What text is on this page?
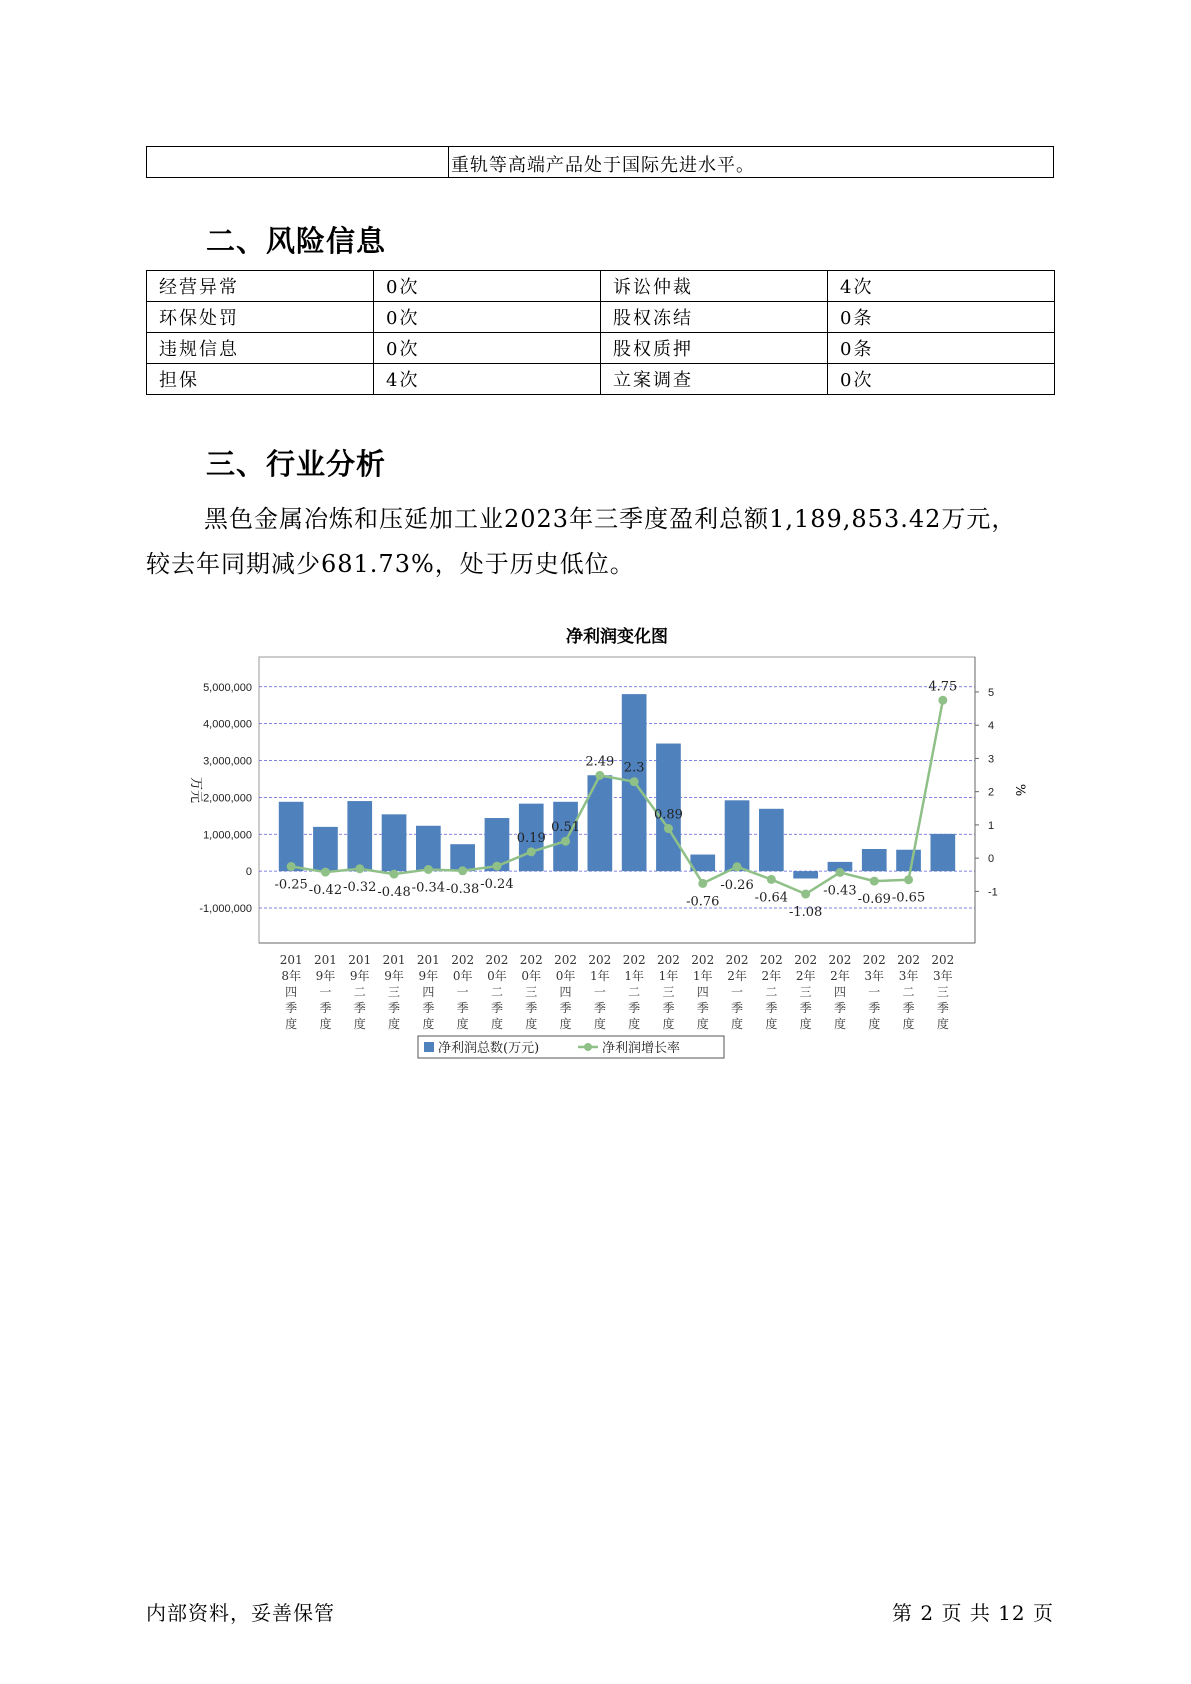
重轨等高端产品处于国际先进水平。
二、风险信息
经营异常	0次	诉讼仲裁	4次
环保处罚	0次	股权冻结	0条
违规信息	0次	股权质押	0条
担保	4次	立案调查	0次
三、行业分析
黑色金属冶炼和压延加工业2023年三季度盈利总额1,189,853.42万元，
较去年同期减少681.73%，处于历史低位。
净利润变化图
5,000,000
4,000,000
3,000,000
2,000,000
1,000,000
0
-1,000,000
5
4
3
2
1
0
-1
万元	%
-0.25 -0.42 -0.32 -0.48 -0.34 -0.38 -0.24
0.19
0.51
2.49 2.3
0.89
-0.76
-0.26
-0.64
-1.08
-0.43
-0.69 -0.65
4.75
201
8年
四
季
度
201
9年
一
季
度
201
9年
二
季
度
201
9年
三
季
度
201
9年
四
季
度
202
0年
一
季
度
202
0年
二
季
度
202
0年
三
季
度
202
0年
四
季
度
202
1年
一
季
度
202
1年
二
季
度
202
1年
三
季
度
202
1年
四
季
度
202
2年
一
季
度
202
2年
二
季
度
202
2年
三
季
度
202
2年
四
季
度
202
3年
一
季
度
202
3年
二
季
度
202
3年
三
季
度
净利润总数(万元)	净利润增长率
内部资料，妥善保管	第 2 页 共 12 页
